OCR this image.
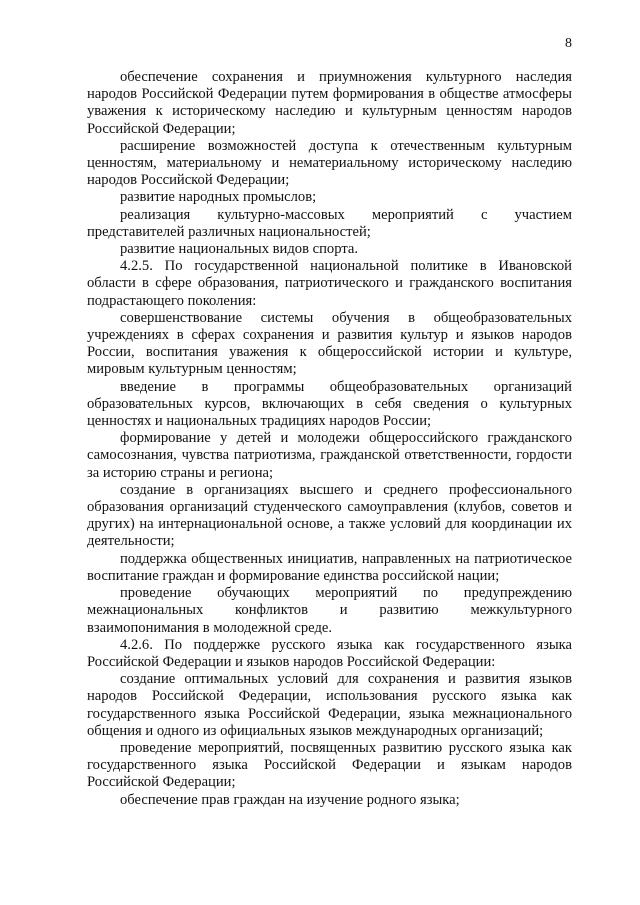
8

обеспечение сохранения и приумножения культурного наследия народов Российской Федерации путем формирования в обществе атмосферы уважения к историческому наследию и культурным ценностям народов Российской Федерации;

расширение возможностей доступа к отечественным культурным ценностям, материальному и нематериальному историческому наследию народов Российской Федерации;

развитие народных промыслов;

реализация культурно-массовых мероприятий с участием представителей различных национальностей;

развитие национальных видов спорта.

4.2.5. По государственной национальной политике в Ивановской области в сфере образования, патриотического и гражданского воспитания подрастающего поколения:

совершенствование системы обучения в общеобразовательных учреждениях в сферах сохранения и развития культур и языков народов России, воспитания уважения к общероссийской истории и культуре, мировым культурным ценностям;

введение в программы общеобразовательных организаций образовательных курсов, включающих в себя сведения о культурных ценностях и национальных традициях народов России;

формирование у детей и молодежи общероссийского гражданского самосознания, чувства патриотизма, гражданской ответственности, гордости за историю страны и региона;

создание в организациях высшего и среднего профессионального образования организаций студенческого самоуправления (клубов, советов и других) на интернациональной основе, а также условий для координации их деятельности;

поддержка общественных инициатив, направленных на патриотическое воспитание граждан и формирование единства российской нации;

проведение обучающих мероприятий по предупреждению межнациональных конфликтов и развитию межкультурного взаимопонимания в молодежной среде.

4.2.6. По поддержке русского языка как государственного языка Российской Федерации и языков народов Российской Федерации:

создание оптимальных условий для сохранения и развития языков народов Российской Федерации, использования русского языка как государственного языка Российской Федерации, языка межнационального общения и одного из официальных языков международных организаций;

проведение мероприятий, посвященных развитию русского языка как государственного языка Российской Федерации и языкам народов Российской Федерации;

обеспечение прав граждан на изучение родного языка;
